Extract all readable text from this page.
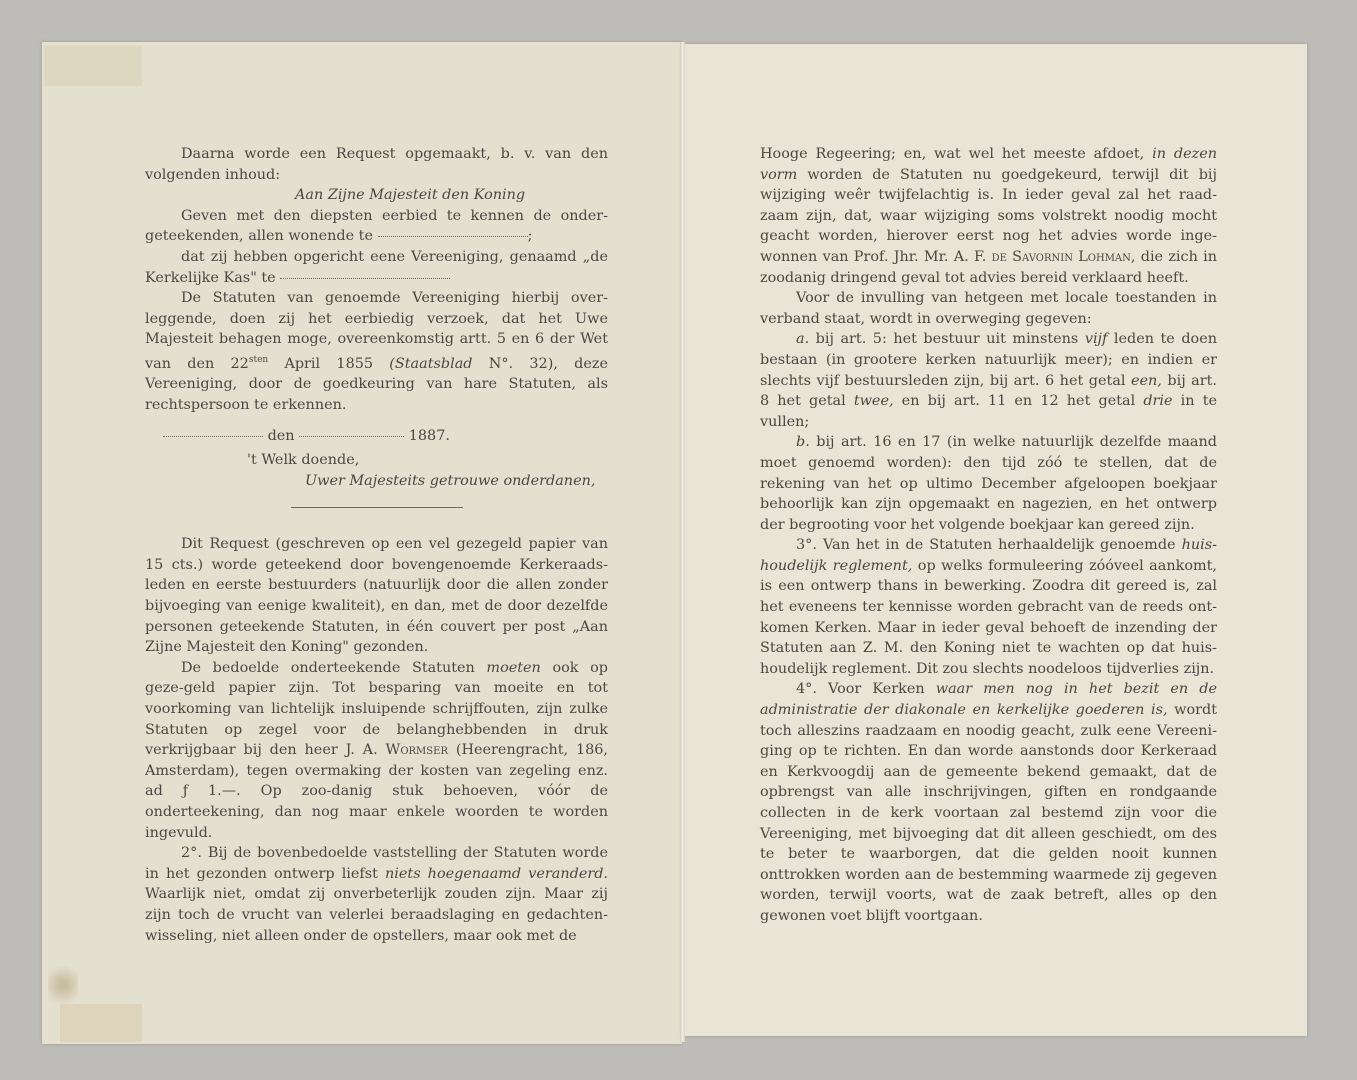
Daarna worde een Request opgemaakt, b. v. van den volgenden inhoud:

Aan Zijne Majesteit den Koning

Geven met den diepsten eerbied te kennen de onder-geteekenden, allen wonende te	;

dat zij hebben opgericht eene Vereeniging, genaamd „de Kerkelijke Kas" te

De Statuten van genoemde Vereeniging hierbij over-leggende, doen zij het eerbiedig verzoek, dat het Uwe Majesteit behagen moge, overeenkomstig artt. 5 en 6 der Wet van den $22^{sten}$ April 1855 (Staatsblad N°. 32), deze Vereeniging, door de goedkeuring van hare Statuten, als rechtspersoon te erkennen.

den	1887.

't Welk doende,

Uwer Majesteits getrouwe onderdanen,

Dit Request (geschreven op een vel gezegeld papier van 15 cts.) worde geteekend door bovengenoemde Kerkeraads-leden en eerste bestuurders (natuurlijk door die allen zonder bijvoeging van eenige kwaliteit), en dan, met de door dezelfde personen geteekende Statuten, in één couvert per post „Aan Zijne Majesteit den Koning" gezonden.

De bedoelde onderteekende Statuten moeten ook op geze-geld papier zijn. Tot besparing van moeite en tot voorkoming van lichtelijk insluipende schrijffouten, zijn zulke Statuten op zegel voor de belanghebbenden in druk verkrijgbaar bij den heer J. A. Wormser (Heerengracht, 186, Amsterdam), tegen overmaking der kosten van zegeling enz. ad ƒ 1.—. Op zoo-danig stuk behoeven, vóór de onderteekening, dan nog maar enkele woorden te worden ingevuld.

2°. Bij de bovenbedoelde vaststelling der Statuten worde in het gezonden ontwerp liefst niets hoegenaamd veranderd. Waarlijk niet, omdat zij onverbeterlijk zouden zijn. Maar zij zijn toch de vrucht van velerlei beraadslaging en gedachten-wisseling, niet alleen onder de opstellers, maar ook met de

Hooge Regeering; en, wat wel het meeste afdoet, in dezen vorm worden de Statuten nu goedgekeurd, terwijl dit bij wijziging weêr twijfelachtig is. In ieder geval zal het raad-zaam zijn, dat, waar wijziging soms volstrekt noodig mocht geacht worden, hierover eerst nog het advies worde inge-wonnen van Prof. Jhr. Mr. A. F. de Savornin Lohman, die zich in zoodanig dringend geval tot advies bereid verklaard heeft.

Voor de invulling van hetgeen met locale toestanden in verband staat, wordt in overweging gegeven:

a. bij art. 5: het bestuur uit minstens vijf leden te doen bestaan (in grootere kerken natuurlijk meer); en indien er slechts vijf bestuursleden zijn, bij art. 6 het getal een, bij art. 8 het getal twee, en bij art. 11 en 12 het getal drie in te vullen;

b. bij art. 16 en 17 (in welke natuurlijk dezelfde maand moet genoemd worden): den tijd zóó te stellen, dat de rekening van het op ultimo December afgeloopen boekjaar behoorlijk kan zijn opgemaakt en nagezien, en het ontwerp der begrooting voor het volgende boekjaar kan gereed zijn.

3°. Van het in de Statuten herhaaldelijk genoemde huis-houdelijk reglement, op welks formuleering zóóveel aankomt, is een ontwerp thans in bewerking. Zoodra dit gereed is, zal het eveneens ter kennisse worden gebracht van de reeds ont-komen Kerken. Maar in ieder geval behoeft de inzending der Statuten aan Z. M. den Koning niet te wachten op dat huis-houdelijk reglement. Dit zou slechts noodeloos tijdverlies zijn.

4°. Voor Kerken waar men nog in het bezit en de administratie der diakonale en kerkelijke goederen is, wordt toch alleszins raadzaam en noodig geacht, zulk eene Vereeni-ging op te richten. En dan worde aanstonds door Kerkeraad en Kerkvoogdij aan de gemeente bekend gemaakt, dat de opbrengst van alle inschrijvingen, giften en rondgaande collecten in de kerk voortaan zal bestemd zijn voor die Vereeniging, met bijvoeging dat dit alleen geschiedt, om des te beter te waarborgen, dat die gelden nooit kunnen onttrokken worden aan de bestemming waarmede zij gegeven worden, terwijl voorts, wat de zaak betreft, alles op den gewonen voet blijft voortgaan.
